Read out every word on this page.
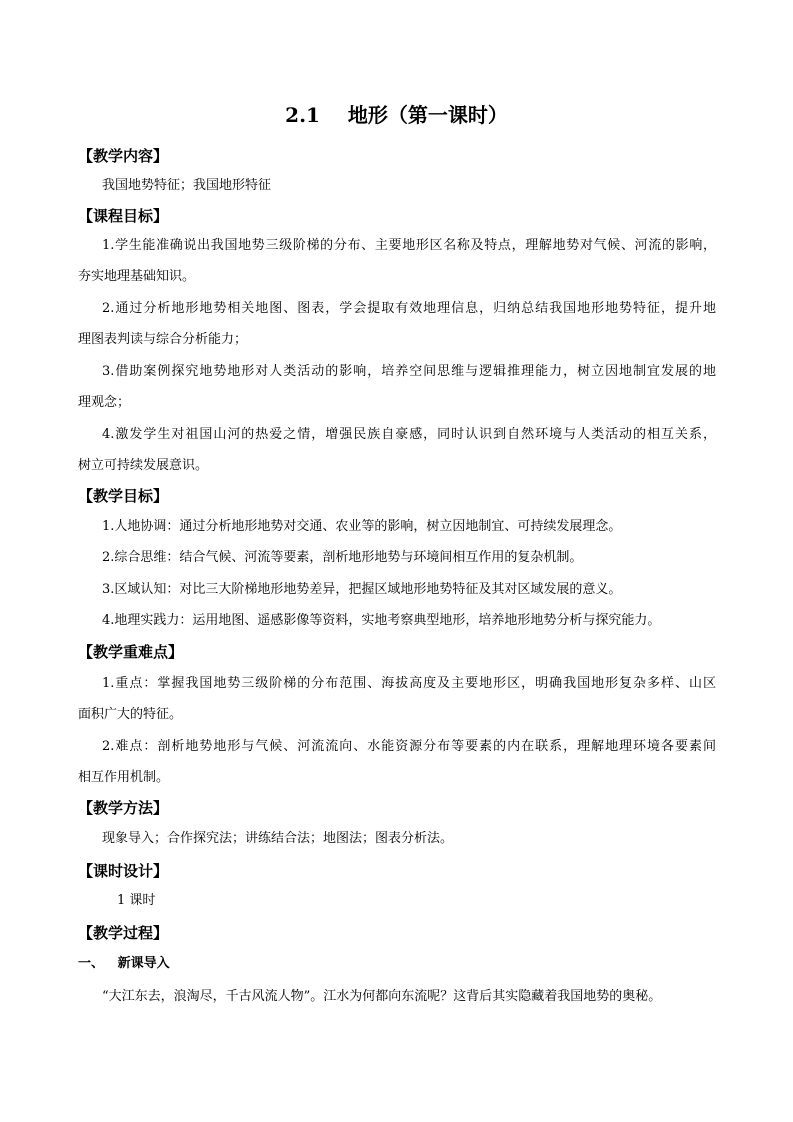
2.1    地形（第一课时）
【教学内容】
我国地势特征；我国地形特征
【课程目标】
1.学生能准确说出我国地势三级阶梯的分布、主要地形区名称及特点，理解地势对气候、河流的影响，
夯实地理基础知识。
2.通过分析地形地势相关地图、图表，学会提取有效地理信息，归纳总结我国地形地势特征，提升地
理图表判读与综合分析能力；
3.借助案例探究地势地形对人类活动的影响，培养空间思维与逻辑推理能力，树立因地制宜发展的地
理观念；
4.激发学生对祖国山河的热爱之情，增强民族自豪感，同时认识到自然环境与人类活动的相互关系，
树立可持续发展意识。
【教学目标】
1.人地协调：通过分析地形地势对交通、农业等的影响，树立因地制宜、可持续发展理念。
2.综合思维：结合气候、河流等要素，剖析地形地势与环境间相互作用的复杂机制。
3.区域认知：对比三大阶梯地形地势差异，把握区域地形地势特征及其对区域发展的意义。
4.地理实践力：运用地图、遥感影像等资料，实地考察典型地形，培养地形地势分析与探究能力。
【教学重难点】
1.重点：掌握我国地势三级阶梯的分布范围、海拔高度及主要地形区，明确我国地形复杂多样、山区
面积广大的特征。
2.难点：剖析地势地形与气候、河流流向、水能资源分布等要素的内在联系，理解地理环境各要素间
相互作用机制。
【教学方法】
现象导入；合作探究法；讲练结合法；地图法；图表分析法。
【课时设计】
1 课时
【教学过程】
一、   新课导入
“大江东去，浪淘尽，千古风流人物”。江水为何都向东流呢？这背后其实隐藏着我国地势的奥秘。
